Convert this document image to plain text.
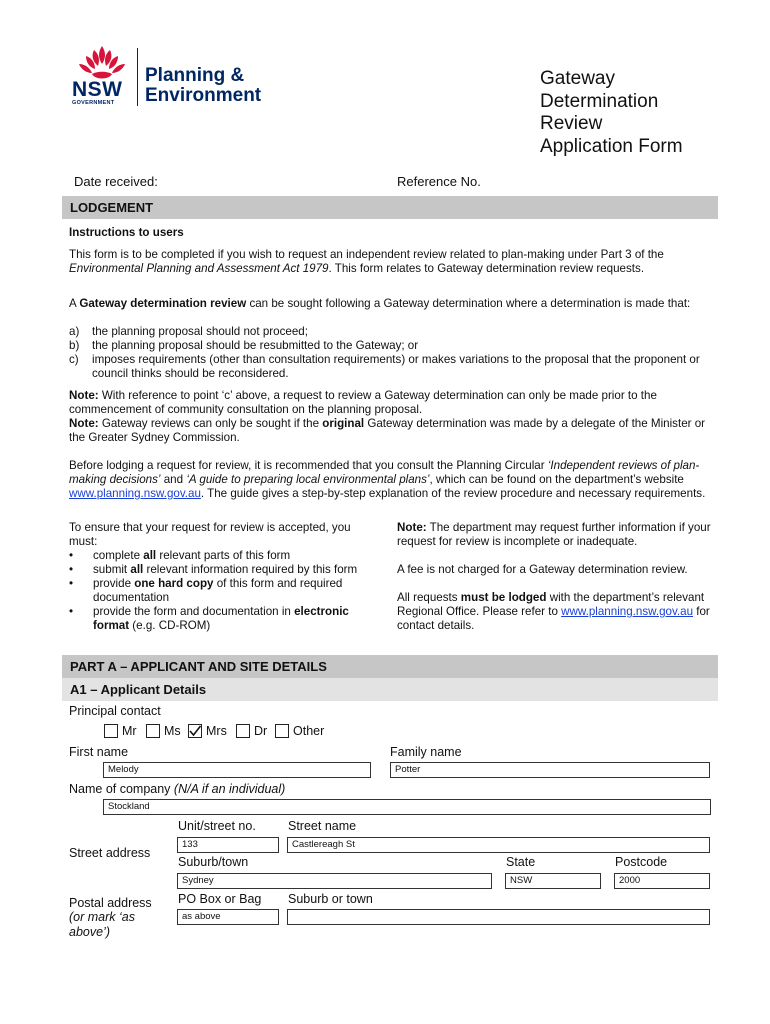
NSW
GOVERNMENT
Planning &
Environment
Gateway
Determination
Review
Application Form
Date received:	Reference No.
LODGEMENT
Instructions to users
This form is to be completed if you wish to request an independent review related to plan-making under Part 3 of the Environmental Planning and Assessment Act 1979. This form relates to Gateway determination review requests.
A Gateway determination review can be sought following a Gateway determination where a determination is made that:
a) the planning proposal should not proceed;
b) the planning proposal should be resubmitted to the Gateway; or
c) imposes requirements (other than consultation requirements) or makes variations to the proposal that the proponent or council thinks should be reconsidered.
Note: With reference to point ‘c’ above, a request to review a Gateway determination can only be made prior to the commencement of community consultation on the planning proposal.
Note: Gateway reviews can only be sought if the original Gateway determination was made by a delegate of the Minister or the Greater Sydney Commission.
Before lodging a request for review, it is recommended that you consult the Planning Circular ‘Independent reviews of plan-making decisions’ and ‘A guide to preparing local environmental plans’, which can be found on the department’s website www.planning.nsw.gov.au. The guide gives a step-by-step explanation of the review procedure and necessary requirements.
To ensure that your request for review is accepted, you must:
• complete all relevant parts of this form
• submit all relevant information required by this form
• provide one hard copy of this form and required documentation
• provide the form and documentation in electronic format (e.g. CD-ROM)
Note: The department may request further information if your request for review is incomplete or inadequate.
A fee is not charged for a Gateway determination review.
All requests must be lodged with the department’s relevant Regional Office. Please refer to www.planning.nsw.gov.au for contact details.
PART A – APPLICANT AND SITE DETAILS
A1 – Applicant Details
Principal contact
Mr Ms Mrs Dr Other
First name
Melody
Family name
Potter
Name of company (N/A if an individual)
Stockland
Street address
Unit/street no.
133
Street name
Castlereagh St
Suburb/town
Sydney
State
NSW
Postcode
2000
Postal address
(or mark ‘as above’)
PO Box or Bag
as above
Suburb or town
